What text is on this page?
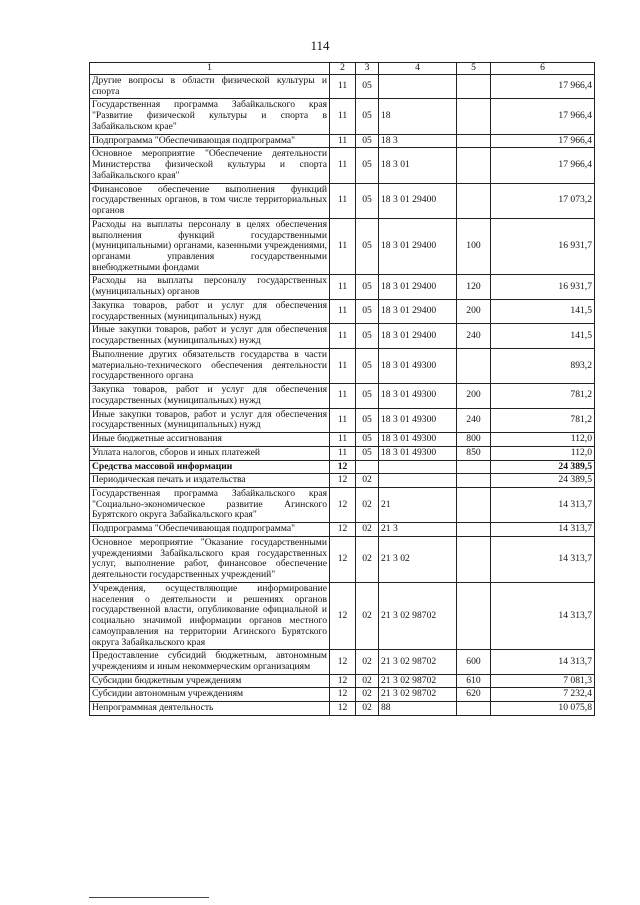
114
1	2	3	4	5	6
Другие вопросы в области физической культуры и спорта	11	05			17 966,4
Государственная программа Забайкальского края "Развитие физической культуры и спорта в Забайкальском крае"	11	05	18		17 966,4
Подпрограмма "Обеспечивающая подпрограмма"	11	05	18 3		17 966,4
Основное мероприятие "Обеспечение деятельности Министерства физической культуры и спорта Забайкальского края"	11	05	18 3 01		17 966,4
Финансовое обеспечение выполнения функций государственных органов, в том числе территориальных органов	11	05	18 3 01 29400		17 073,2
Расходы на выплаты персоналу в целях обеспечения выполнения функций государственными (муниципальными) органами, казенными учреждениями, органами управления государственными внебюджетными фондами	11	05	18 3 01 29400	100	16 931,7
Расходы на выплаты персоналу государственных (муниципальных) органов	11	05	18 3 01 29400	120	16 931,7
Закупка товаров, работ и услуг для обеспечения государственных (муниципальных) нужд	11	05	18 3 01 29400	200	141,5
Иные закупки товаров, работ и услуг для обеспечения государственных (муниципальных) нужд	11	05	18 3 01 29400	240	141,5
Выполнение других обязательств государства в части материально-технического обеспечения деятельности государственного органа	11	05	18 3 01 49300		893,2
Закупка товаров, работ и услуг для обеспечения государственных (муниципальных) нужд	11	05	18 3 01 49300	200	781,2
Иные закупки товаров, работ и услуг для обеспечения государственных (муниципальных) нужд	11	05	18 3 01 49300	240	781,2
Иные бюджетные ассигнования	11	05	18 3 01 49300	800	112,0
Уплата налогов, сборов и иных платежей	11	05	18 3 01 49300	850	112,0
Средства массовой информации	12				24 389,5
Периодическая печать и издательства	12	02			24 389,5
Государственная программа Забайкальского края "Социально-экономическое развитие Агинского Бурятского округа Забайкальского края"	12	02	21		14 313,7
Подпрограмма "Обеспечивающая подпрограмма"	12	02	21 3		14 313,7
Основное мероприятие "Оказание государственными учреждениями Забайкальского края государственных услуг, выполнение работ, финансовое обеспечение деятельности государственных учреждений"	12	02	21 3 02		14 313,7
Учреждения, осуществляющие информирование населения о деятельности и решениях органов государственной власти, опубликование официальной и социально значимой информации органов местного самоуправления на территории Агинского Бурятского округа Забайкальского края	12	02	21 3 02 98702		14 313,7
Предоставление субсидий бюджетным, автономным учреждениям и иным некоммерческим организациям	12	02	21 3 02 98702	600	14 313,7
Субсидии бюджетным учреждениям	12	02	21 3 02 98702	610	7 081,3
Субсидии автономным учреждениям	12	02	21 3 02 98702	620	7 232,4
Непрограммная деятельность	12	02	88		10 075,8
